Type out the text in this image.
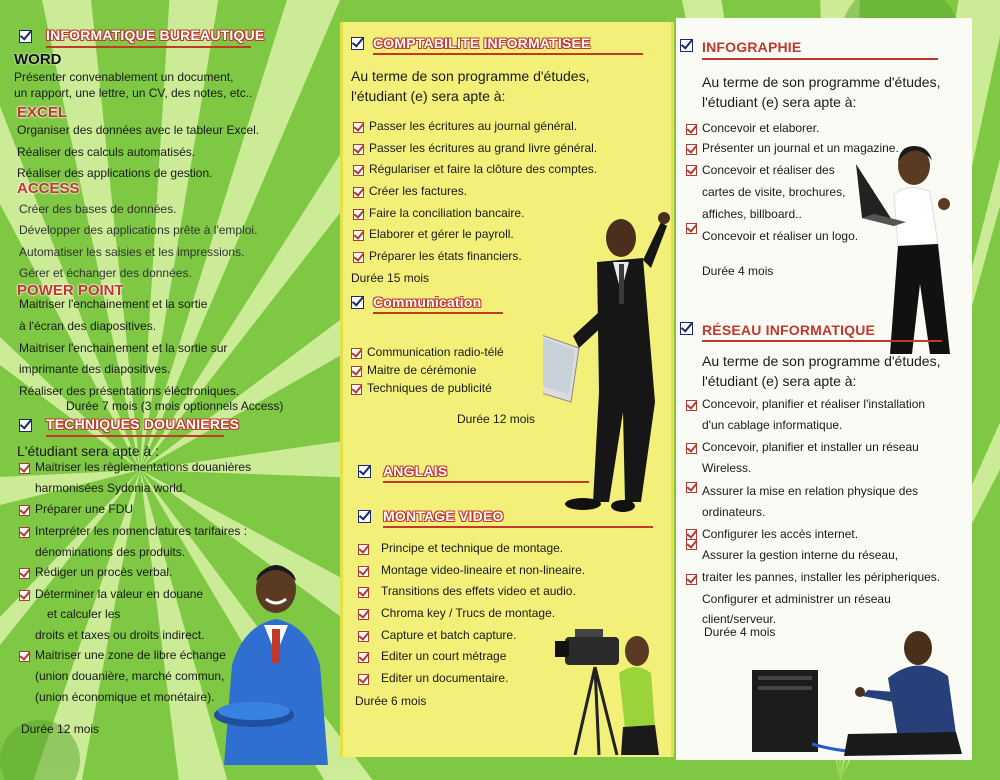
INFORMATIQUE BUREAUTIQUE
WORD
Présenter convenablement un document,
un rapport, une lettre, un CV, des notes, etc..
EXCEL
Organiser des données avec le tableur Excel.
Réaliser des calculs automatisés.
Réaliser des applications de gestion.
ACCESS
Créer des bases de données.
Développer des applications prête à l'emploi.
Automatiser les saisies et les impressions.
Gérer et échanger des données.
POWER POINT
Maitriser l'enchainement et la sortie
à l'écran des diapositives.
Maitriser l'enchainement et la sortie sur
imprimante des diapositives.
Réaliser des présentations éléctroniques.
Durée 7 mois (3 mois optionnels Access)
TECHNIQUES DOUANIERES
L'étudiant sera apte à :
Maitriser les règlementations douanières
harmonisées Sydonia world.
Préparer une FDU
Interpréter les nomenclatures tarifaires :
dénominations des produits.
Rédiger un procès verbal.
Déterminer la valeur en douane
et calculer les
droits et taxes ou droits indirect.
Maitriser une zone de libre échange
(union douanière, marché commun,
(union économique et monétaire).
Durée 12 mois
COMPTABILITE INFORMATISEE
Au terme de son programme d'études,
l'étudiant (e) sera apte à:
Passer les écritures au journal général.
Passer les écritures au grand livre général.
Régulariser et faire la clôture des comptes.
Créer les factures.
Faire la conciliation bancaire.
Elaborer et gérer le payroll.
Préparer les états financiers.
Durée 15 mois
Communication
Communication radio-télé
Maitre de cérémonie
Techniques de publicité
Durée 12 mois
ANGLAIS
MONTAGE VIDEO
Principe et technique de montage.
Montage video-lineaire et non-lineaire.
Transitions des effets video et audio.
Chroma key / Trucs de montage.
Capture et batch capture.
Editer un court métrage
Editer un documentaire.
Durée 6 mois
INFOGRAPHIE
Au terme de son programme d'études,
l'étudiant (e) sera apte à:
Concevoir et elaborer.
Présenter un journal et un magazine.
Concevoir et réaliser des
cartes de visite, brochures,
affiches, billboard..
Concevoir et réaliser un logo.
Durée 4 mois
RÉSEAU INFORMATIQUE
Au terme de son programme d'études,
l'étudiant (e) sera apte à:
Concevoir, planifier et réaliser l'installation
d'un cablage informatique.
Concevoir, planifier et installer un réseau
Wireless.
Assurer la mise en relation physique des
ordinateurs.
Configurer les accès internet.
Assurer la gestion interne du réseau,
traiter les pannes, installer les péripheriques.
Configurer et administrer un réseau
client/serveur.
Durée 4 mois
